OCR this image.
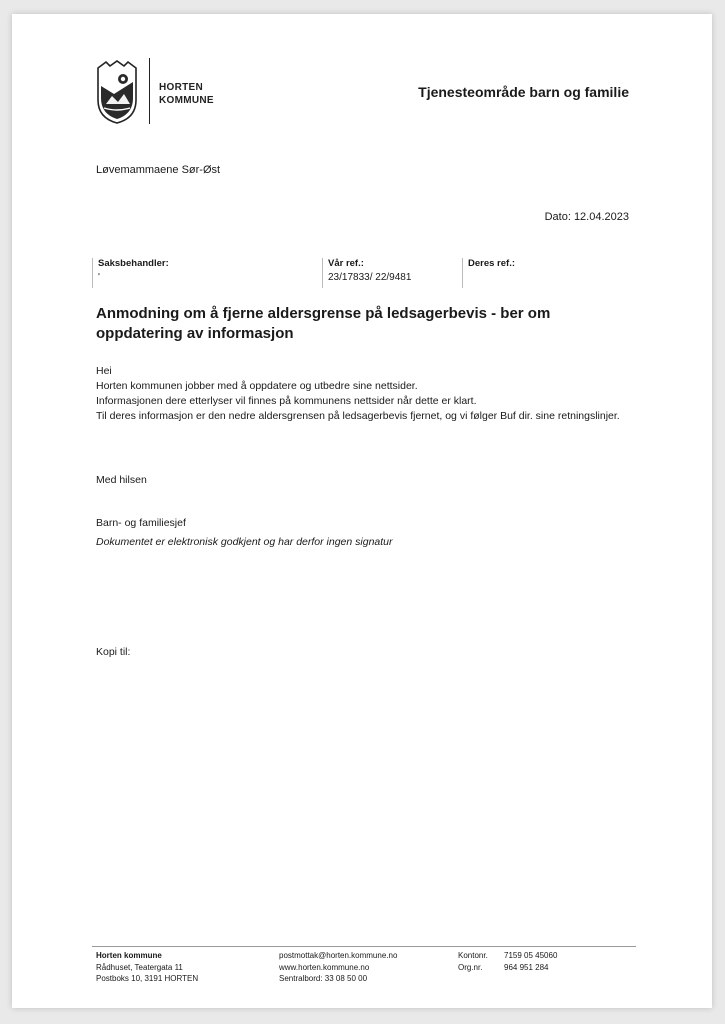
HORTEN
KOMMUNE
Tjenesteområde barn og familie
Løvemammaene Sør-Øst
Dato: 12.04.2023
Saksbehandler:
'
Vår ref.:
23/17833/ 22/9481
Deres ref.:
Anmodning om å fjerne aldersgrense på ledsagerbevis - ber om oppdatering av informasjon

Hei

Horten kommunen jobber med å oppdatere og utbedre sine nettsider.

Informasjonen dere etterlyser vil finnes på kommunens nettsider når dette er klart.

Til deres informasjon er den nedre aldersgrensen på ledsagerbevis fjernet, og vi følger Buf dir. sine retningslinjer.

Med hilsen
Barn- og familiesjef
Dokumentet er elektronisk godkjent og har derfor ingen signatur
Kopi til:
Horten kommune
Rådhuset, Teatergata 11
Postboks 10, 3191 HORTEN
postmottak@horten.kommune.no
www.horten.kommune.no
Sentralbord: 33 08 50 00
Kontonr. 7159 05 45060
Org.nr.	964 951 284
